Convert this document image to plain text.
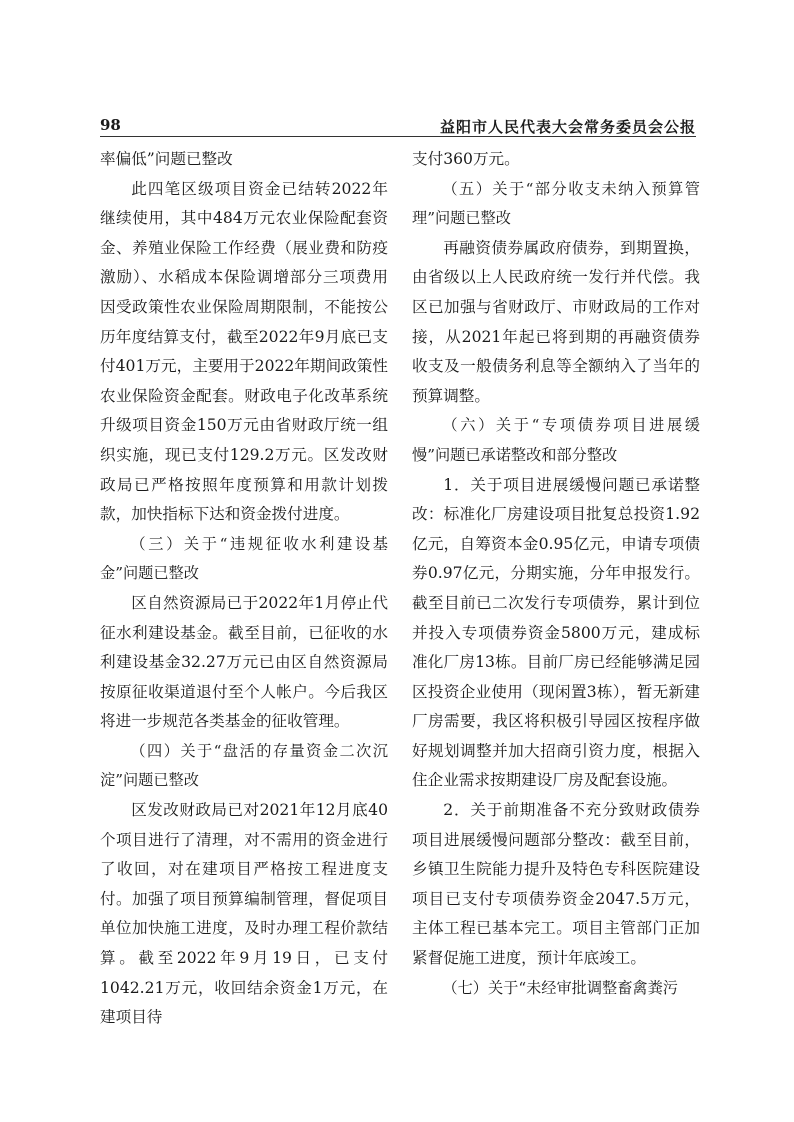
98	益阳市人民代表大会常务委员会公报

率偏低”问题已整改

此四笔区级项目资金已结转2022年继续使用，其中484万元农业保险配套资金、养殖业保险工作经费（展业费和防疫激励）、水稻成本保险调增部分三项费用因受政策性农业保险周期限制，不能按公历年度结算支付，截至2022年9月底已支付401万元，主要用于2022年期间政策性农业保险资金配套。财政电子化改革系统升级项目资金150万元由省财政厅统一组织实施，现已支付129.2万元。区发改财政局已严格按照年度预算和用款计划拨款，加快指标下达和资金拨付进度。

（三）关于“违规征收水利建设基金”问题已整改

区自然资源局已于2022年1月停止代征水利建设基金。截至目前，已征收的水利建设基金32.27万元已由区自然资源局按原征收渠道退付至个人帐户。今后我区将进一步规范各类基金的征收管理。

（四）关于“盘活的存量资金二次沉淀”问题已整改

区发改财政局已对2021年12月底40个项目进行了清理，对不需用的资金进行了收回，对在建项目严格按工程进度支付。加强了项目预算编制管理，督促项目单位加快施工进度，及时办理工程价款结算。截至2022年9月19日，已支付1042.21万元，收回结余资金1万元，在建项目待

支付360万元。

（五）关于“部分收支未纳入预算管理”问题已整改

再融资债券属政府债券，到期置换，由省级以上人民政府统一发行并代偿。我区已加强与省财政厅、市财政局的工作对接，从2021年起已将到期的再融资债券收支及一般债务利息等全额纳入了当年的预算调整。

（六）关于“专项债券项目进展缓慢”问题已承诺整改和部分整改

1．关于项目进展缓慢问题已承诺整改：标准化厂房建设项目批复总投资1.92亿元，自筹资本金0.95亿元，申请专项债券0.97亿元，分期实施，分年申报发行。截至目前已二次发行专项债券，累计到位并投入专项债券资金5800万元，建成标准化厂房13栋。目前厂房已经能够满足园区投资企业使用（现闲置3栋），暂无新建厂房需要，我区将积极引导园区按程序做好规划调整并加大招商引资力度，根据入住企业需求按期建设厂房及配套设施。

2．关于前期准备不充分致财政债券项目进展缓慢问题部分整改：截至目前，乡镇卫生院能力提升及特色专科医院建设项目已支付专项债券资金2047.5万元，主体工程已基本完工。项目主管部门正加紧督促施工进度，预计年底竣工。

（七）关于“未经审批调整畜禽粪污
